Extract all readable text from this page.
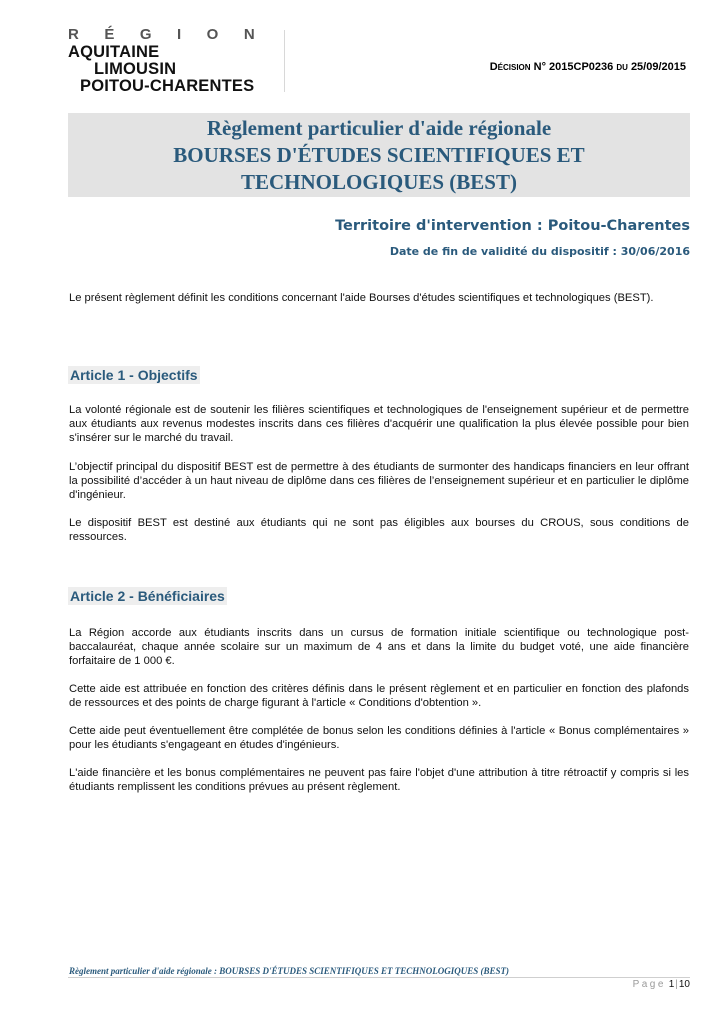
RÉGION
AQUITAINE
LIMOUSIN
POITOU-CHARENTES
Décision N° 2015CP0236 du 25/09/2015
Règlement particulier d'aide régionale
BOURSES D'ÉTUDES SCIENTIFIQUES ET
TECHNOLOGIQUES (BEST)
Territoire d'intervention : Poitou-Charentes
Date de fin de validité du dispositif : 30/06/2016
Le présent règlement définit les conditions concernant l'aide Bourses d'études scientifiques et technologiques (BEST).
Article 1 - Objectifs
La volonté régionale est de soutenir les filières scientifiques et technologiques de l'enseignement supérieur et de permettre aux étudiants aux revenus modestes inscrits dans ces filières d'acquérir une qualification la plus élevée possible pour bien s'insérer sur le marché du travail.
L’objectif principal du dispositif BEST est de permettre à des étudiants de surmonter des handicaps financiers en leur offrant la possibilité d’accéder à un haut niveau de diplôme dans ces filières de l’enseignement supérieur et en particulier le diplôme d'ingénieur.
Le dispositif BEST est destiné aux étudiants qui ne sont pas éligibles aux bourses du CROUS, sous conditions de ressources.
Article 2 - Bénéficiaires
La Région accorde aux étudiants inscrits dans un cursus de formation initiale scientifique ou technologique post-baccalauréat, chaque année scolaire sur un maximum de 4 ans et dans la limite du budget voté, une aide financière forfaitaire de 1 000 €.
Cette aide est attribuée en fonction des critères définis dans le présent règlement et en particulier en fonction des plafonds de ressources et des points de charge figurant à l'article « Conditions d'obtention ».
Cette aide peut éventuellement être complétée de bonus selon les conditions définies à l'article « Bonus complémentaires » pour les étudiants s'engageant en études d'ingénieurs.
L'aide financière et les bonus complémentaires ne peuvent pas faire l'objet d'une attribution à titre rétroactif y compris si les étudiants remplissent les conditions prévues au présent règlement.
Règlement particulier d'aide régionale : BOURSES D'ÉTUDES SCIENTIFIQUES ET TECHNOLOGIQUES (BEST)
Page 1|10
